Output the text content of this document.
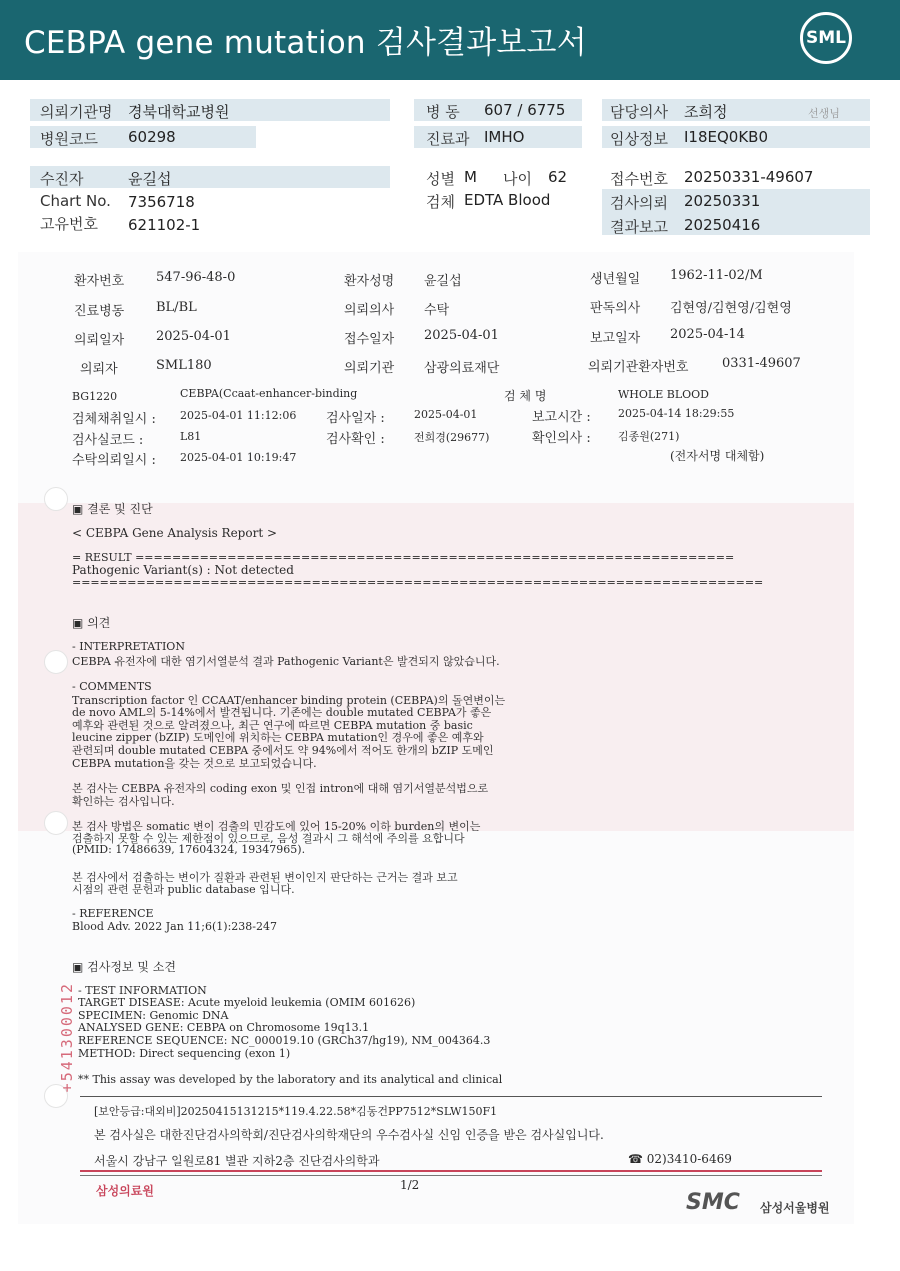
CEBPA gene mutation 검사결과보고서	SML
의뢰기관명 경북대학교병원
병원코드 60298
병 동 607 / 6775
진료과 IMHO
담당의사 조희정	선생님
임상정보 I18EQ0KB0
수진자	윤길섭
Chart No. 7356718
고유번호 621102-1
성별 M 나이 62
검체 EDTA Blood
접수번호 20250331-49607
검사의뢰 20250331
결과보고 20250416
환자번호 547-96-48-0	환자성명 윤길섭	생년월일 1962-11-02/M
진료병동 BL/BL	의뢰의사 수탁	판독의사 김현영/김현영/김현영
의뢰일자 2025-04-01	접수일자 2025-04-01	보고일자 2025-04-14
의뢰자	SML180	의뢰기관 삼광의료재단	의뢰기관환자번호	0331-49607
BG1220	CEBPA(Ccaat-enhancer-binding	검 체 명	WHOLE BLOOD
검체채취일시 : 2025-04-01 11:12:06 검사일자 :	2025-04-01	보고시간 : 2025-04-14 18:29:55
검사실코드 :	L81	검사확인 :	전희경(29677)	확인의사 : 김종원(271)
수탁의뢰일시 : 2025-04-01 10:19:47	(전자서명 대체함)
▣ 결론 및 진단
< CEBPA Gene Analysis Report >
= RESULT =================================================================
Pathogenic Variant(s) : Not detected
===========================================================================
▣ 의견
- INTERPRETATION
CEBPA 유전자에 대한 염기서열분석 결과 Pathogenic Variant은 발견되지 않았습니다.
- COMMENTS
Transcription factor 인 CCAAT/enhancer binding protein (CEBPA)의 돌연변이는
de novo AML의 5-14%에서 발견됩니다. 기존에는 double mutated CEBPA가 좋은
예후와 관련된 것으로 알려졌으나, 최근 연구에 따르면 CEBPA mutation 중 basic
leucine zipper (bZIP) 도메인에 위치하는 CEBPA mutation인 경우에 좋은 예후와
관련되며 double mutated CEBPA 중에서도 약 94%에서 적어도 한개의 bZIP 도메인
CEBPA mutation을 갖는 것으로 보고되었습니다.
본 검사는 CEBPA 유전자의 coding exon 및 인접 intron에 대해 염기서열분석법으로
확인하는 검사입니다.
본 검사 방법은 somatic 변이 검출의 민감도에 있어 15-20% 이하 burden의 변이는
검출하지 못할 수 있는 제한점이 있으므로, 음성 결과시 그 해석에 주의를 요합니다
(PMID: 17486639, 17604324, 19347965).
본 검사에서 검출하는 변이가 질환과 관련된 변이인지 판단하는 근거는 결과 보고
시점의 관련 문헌과 public database 입니다.
- REFERENCE
Blood Adv. 2022 Jan 11;6(1):238-247
▣ 검사정보 및 소견
- TEST INFORMATION
TARGET DISEASE: Acute myeloid leukemia (OMIM 601626)
SPECIMEN: Genomic DNA
ANALYSED GENE: CEBPA on Chromosome 19q13.1
REFERENCE SEQUENCE: NC_000019.10 (GRCh37/hg19), NM_004364.3
METHOD: Direct sequencing (exon 1)
** This assay was developed by the laboratory and its analytical and clinical
+541300012
[보안등급:대외비]20250415131215*119.4.22.58*김동건PP7512*SLW150F1
본 검사실은 대한진단검사의학회/진단검사의학재단의 우수검사실 신임 인증을 받은 검사실입니다.
서울시 강남구 일원로81 별관 지하2층 진단검사의학과	☎ 02)3410-6469
삼성의료원	1/2
SMC 삼성서울병원
